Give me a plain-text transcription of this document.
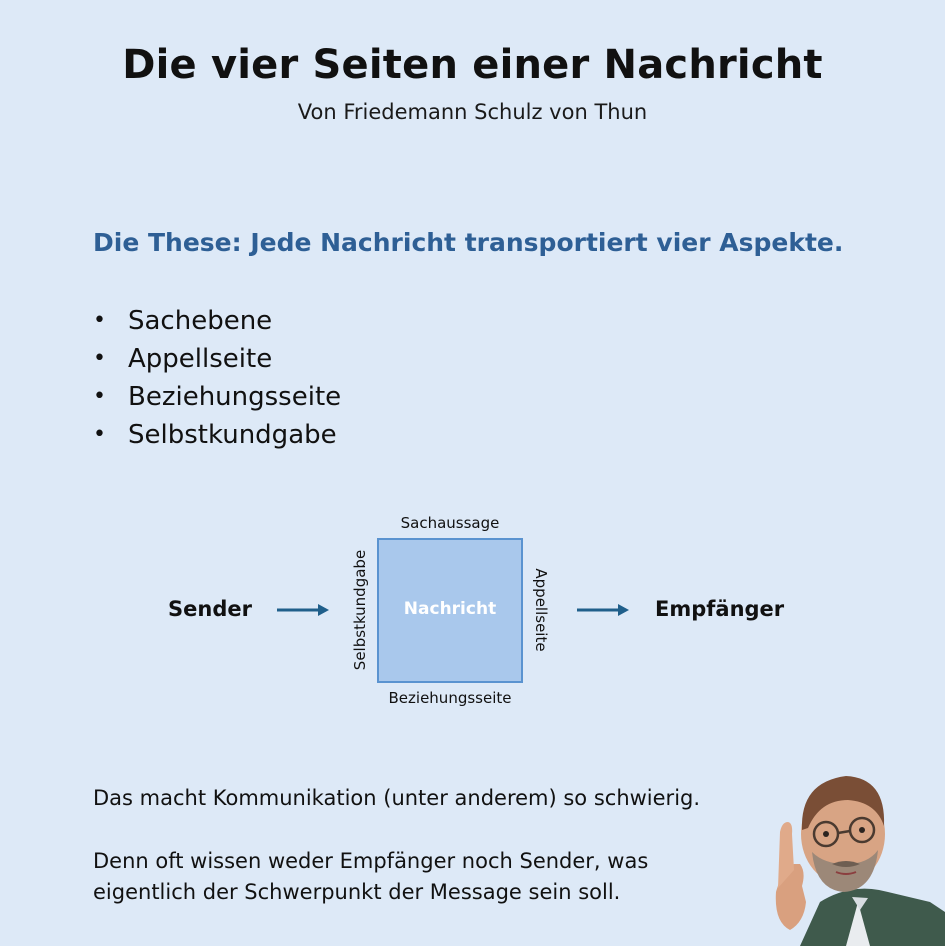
Die vier Seiten einer Nachricht
Von Friedemann Schulz von Thun
Die These: Jede Nachricht transportiert vier Aspekte.
• Sachebene
• Appellseite
• Beziehungsseite
• Selbstkundgabe
Sender
Sachaussage
Nachricht
Selbstkundgabe	Appellseite
Beziehungsseite
Empfänger
Das macht Kommunikation (unter anderem) so schwierig.
Denn oft wissen weder Empfänger noch Sender, was eigentlich der Schwerpunkt der Message sein soll.
